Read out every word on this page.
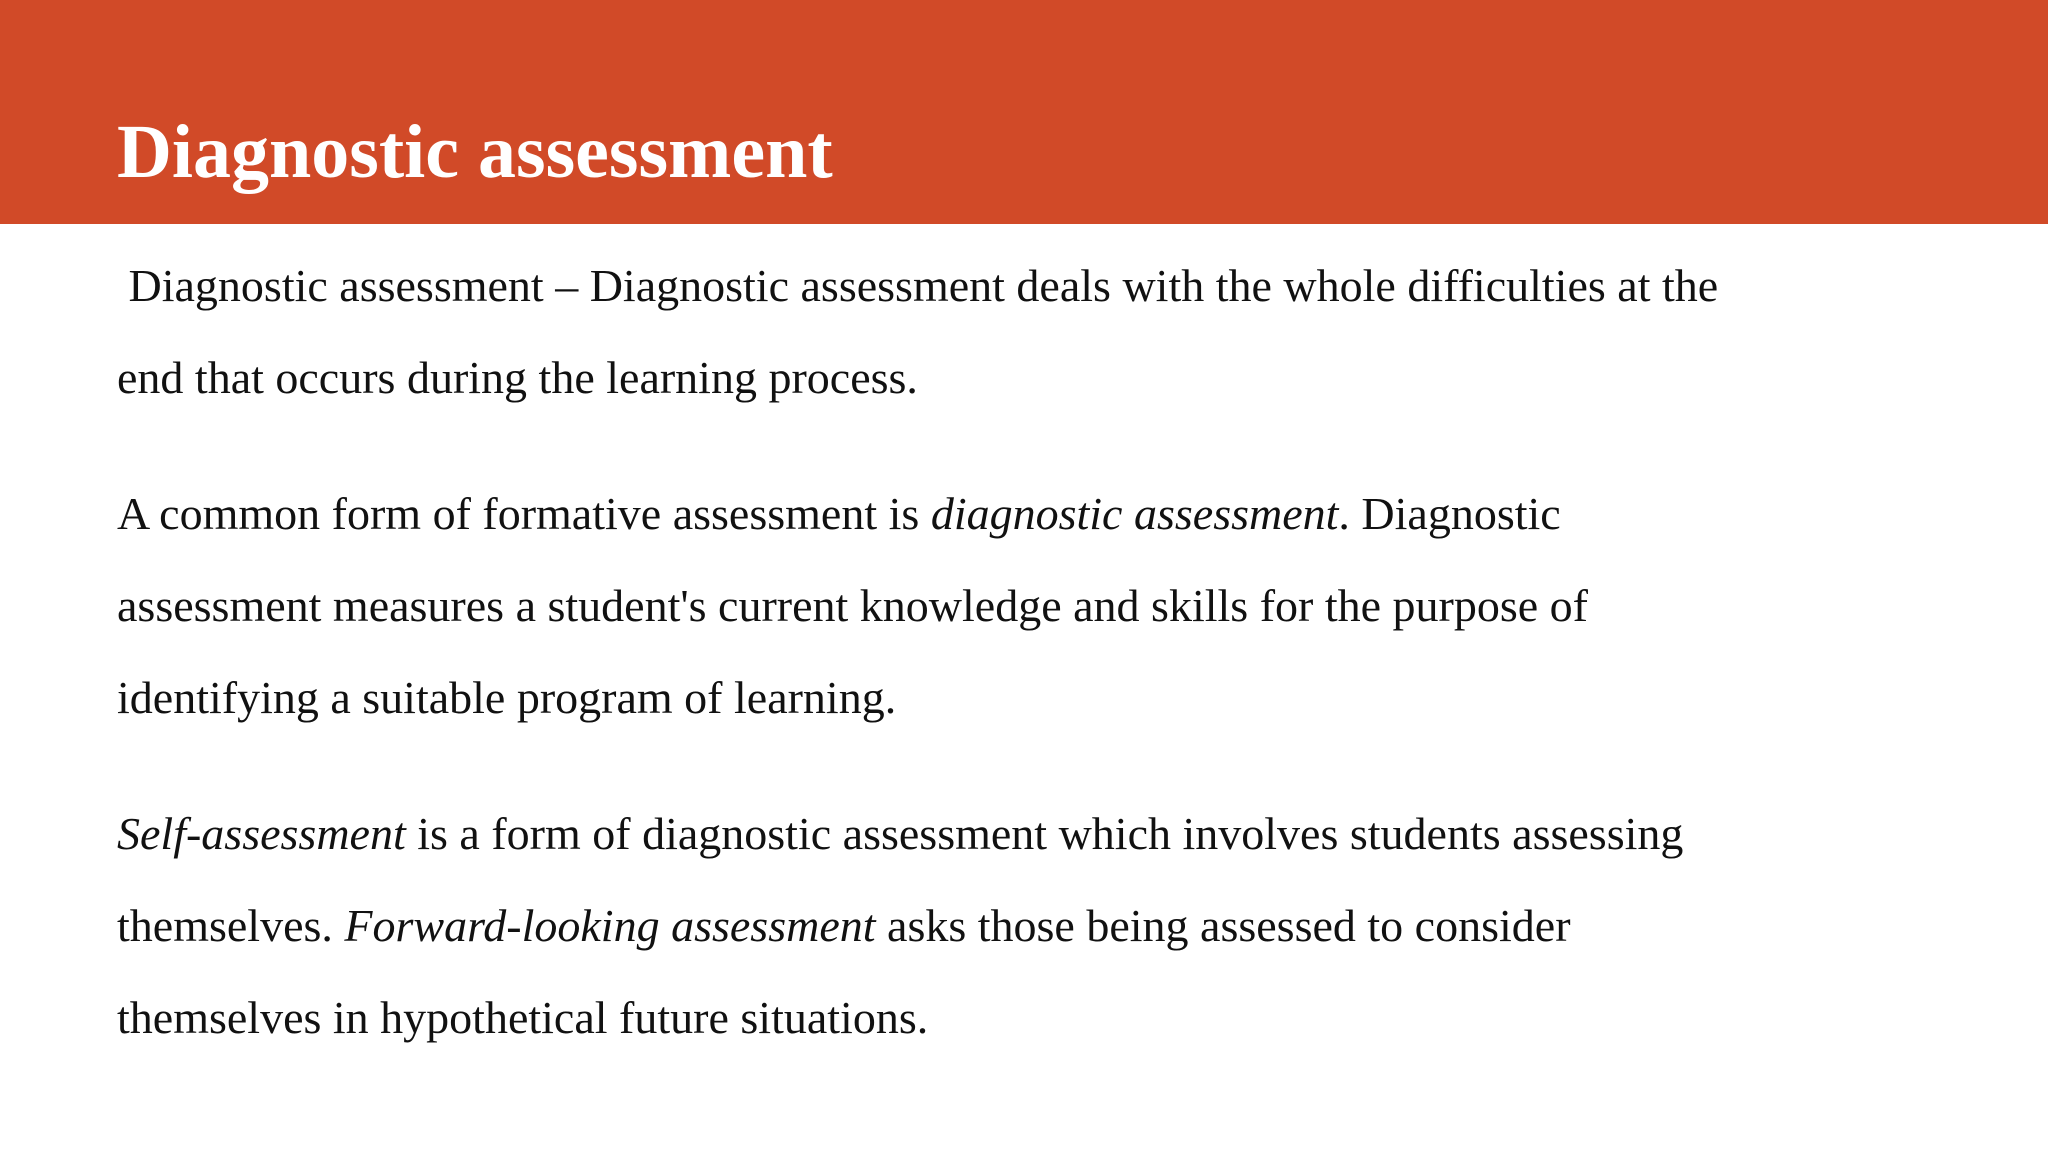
Diagnostic assessment

Diagnostic assessment – Diagnostic assessment deals with the whole difficulties at the
end that occurs during the learning process.

A common form of formative assessment is diagnostic assessment. Diagnostic
assessment measures a student's current knowledge and skills for the purpose of
identifying a suitable program of learning.

Self-assessment is a form of diagnostic assessment which involves students assessing
themselves. Forward-looking assessment asks those being assessed to consider
themselves in hypothetical future situations.
